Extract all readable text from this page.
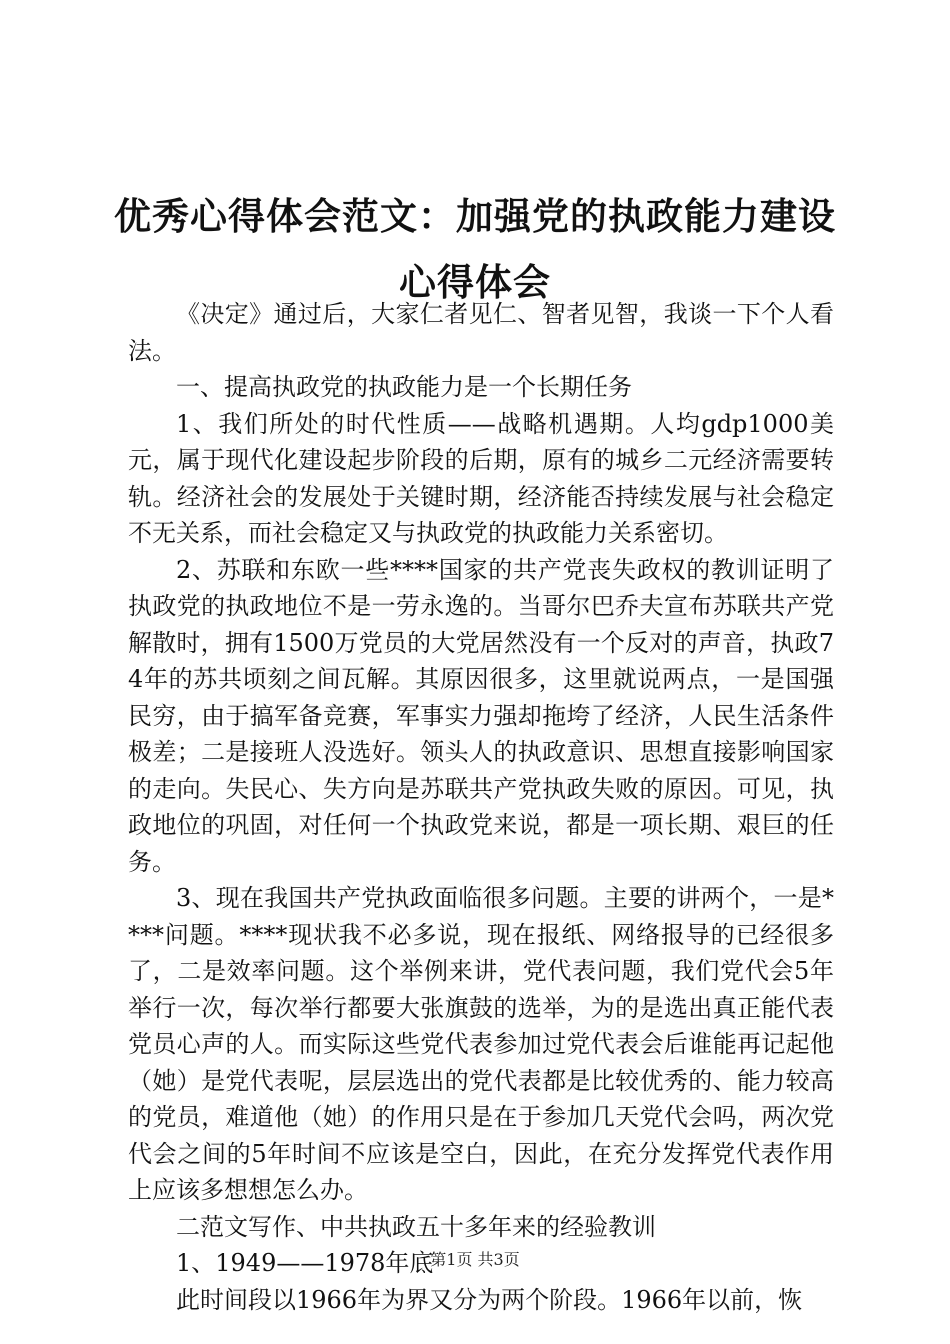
优秀心得体会范文：加强党的执政能力建设心得体会

《决定》通过后，大家仁者见仁、智者见智，我谈一下个人看法。

一、提高执政党的执政能力是一个长期任务

1、我们所处的时代性质——战略机遇期。人均gdp1000美元，属于现代化建设起步阶段的后期，原有的城乡二元经济需要转轨。经济社会的发展处于关键时期，经济能否持续发展与社会稳定不无关系，而社会稳定又与执政党的执政能力关系密切。

2、苏联和东欧一些****国家的共产党丧失政权的教训证明了执政党的执政地位不是一劳永逸的。当哥尔巴乔夫宣布苏联共产党解散时，拥有1500万党员的大党居然没有一个反对的声音，执政74年的苏共顷刻之间瓦解。其原因很多，这里就说两点，一是国强民穷，由于搞军备竞赛，军事实力强却拖垮了经济，人民生活条件极差；二是接班人没选好。领头人的执政意识、思想直接影响国家的走向。失民心、失方向是苏联共产党执政失败的原因。可见，执政地位的巩固，对任何一个执政党来说，都是一项长期、艰巨的任务。

3、现在我国共产党执政面临很多问题。主要的讲两个，一是****问题。****现状我不必多说，现在报纸、网络报导的已经很多了，二是效率问题。这个举例来讲，党代表问题，我们党代会5年举行一次，每次举行都要大张旗鼓的选举，为的是选出真正能代表党员心声的人。而实际这些党代表参加过党代表会后谁能再记起他（她）是党代表呢，层层选出的党代表都是比较优秀的、能力较高的党员，难道他（她）的作用只是在于参加几天党代会吗，两次党代会之间的5年时间不应该是空白，因此，在充分发挥党代表作用上应该多想想怎么办。

二范文写作、中共执政五十多年来的经验教训

1、1949——1978年底

此时间段以1966年为界又分为两个阶段。1966年以前，恢

第1页 共3页
